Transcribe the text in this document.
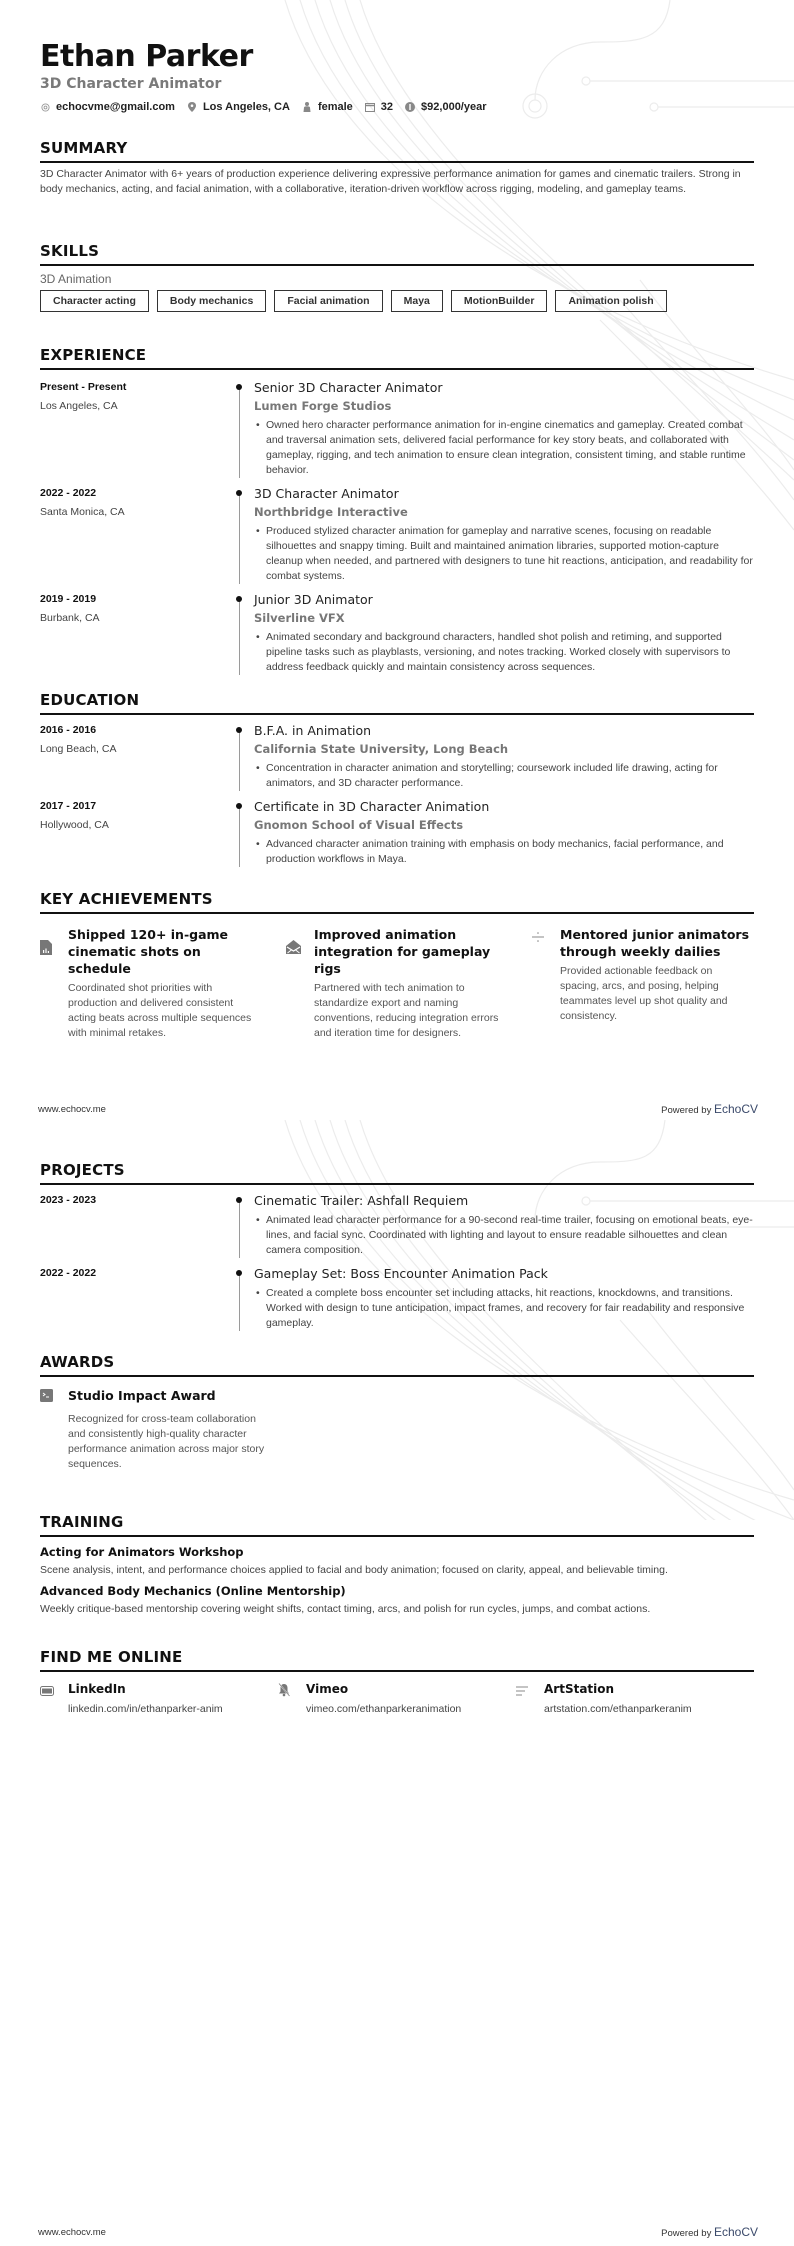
Ethan Parker
3D Character Animator
echocvme@gmail.com	Los Angeles, CA	female	32	$92,000/year
SUMMARY
3D Character Animator with 6+ years of production experience delivering expressive performance animation for games and cinematic trailers. Strong in body mechanics, acting, and facial animation, with a collaborative, iteration-driven workflow across rigging, modeling, and gameplay teams.
SKILLS
3D Animation
Character acting	Body mechanics	Facial animation	Maya	MotionBuilder	Animation polish
EXPERIENCE
Present - Present
Los Angeles, CA
Senior 3D Character Animator
Lumen Forge Studios
• Owned hero character performance animation for in-engine cinematics and gameplay. Created combat and traversal animation sets, delivered facial performance for key story beats, and collaborated with gameplay, rigging, and tech animation to ensure clean integration, consistent timing, and stable runtime behavior.
2022 - 2022
Santa Monica, CA
3D Character Animator
Northbridge Interactive
• Produced stylized character animation for gameplay and narrative scenes, focusing on readable silhouettes and snappy timing. Built and maintained animation libraries, supported motion-capture cleanup when needed, and partnered with designers to tune hit reactions, anticipation, and readability for combat systems.
2019 - 2019
Burbank, CA
Junior 3D Animator
Silverline VFX
• Animated secondary and background characters, handled shot polish and retiming, and supported pipeline tasks such as playblasts, versioning, and notes tracking. Worked closely with supervisors to address feedback quickly and maintain consistency across sequences.
EDUCATION
2016 - 2016
Long Beach, CA
B.F.A. in Animation
California State University, Long Beach
• Concentration in character animation and storytelling; coursework included life drawing, acting for animators, and 3D character performance.
2017 - 2017
Hollywood, CA
Certificate in 3D Character Animation
Gnomon School of Visual Effects
• Advanced character animation training with emphasis on body mechanics, facial performance, and production workflows in Maya.
KEY ACHIEVEMENTS
Shipped 120+ in-game cinematic shots on schedule
Coordinated shot priorities with production and delivered consistent acting beats across multiple sequences with minimal retakes.
Improved animation integration for gameplay rigs
Partnered with tech animation to standardize export and naming conventions, reducing integration errors and iteration time for designers.
Mentored junior animators through weekly dailies
Provided actionable feedback on spacing, arcs, and posing, helping teammates level up shot quality and consistency.
www.echocv.me	Powered by EchoCV
PROJECTS
2023 - 2023	Cinematic Trailer: Ashfall Requiem
• Animated lead character performance for a 90-second real-time trailer, focusing on emotional beats, eye-lines, and facial sync. Coordinated with lighting and layout to ensure readable silhouettes and clean camera composition.
2022 - 2022	Gameplay Set: Boss Encounter Animation Pack
• Created a complete boss encounter set including attacks, hit reactions, knockdowns, and transitions. Worked with design to tune anticipation, impact frames, and recovery for fair readability and responsive gameplay.
AWARDS
Studio Impact Award
Recognized for cross-team collaboration and consistently high-quality character performance animation across major story sequences.
TRAINING
Acting for Animators Workshop
Scene analysis, intent, and performance choices applied to facial and body animation; focused on clarity, appeal, and believable timing.
Advanced Body Mechanics (Online Mentorship)
Weekly critique-based mentorship covering weight shifts, contact timing, arcs, and polish for run cycles, jumps, and combat actions.
FIND ME ONLINE
LinkedIn
linkedin.com/in/ethanparker-anim
Vimeo
vimeo.com/ethanparkeranimation
ArtStation
artstation.com/ethanparkeranim
www.echocv.me	Powered by EchoCV
